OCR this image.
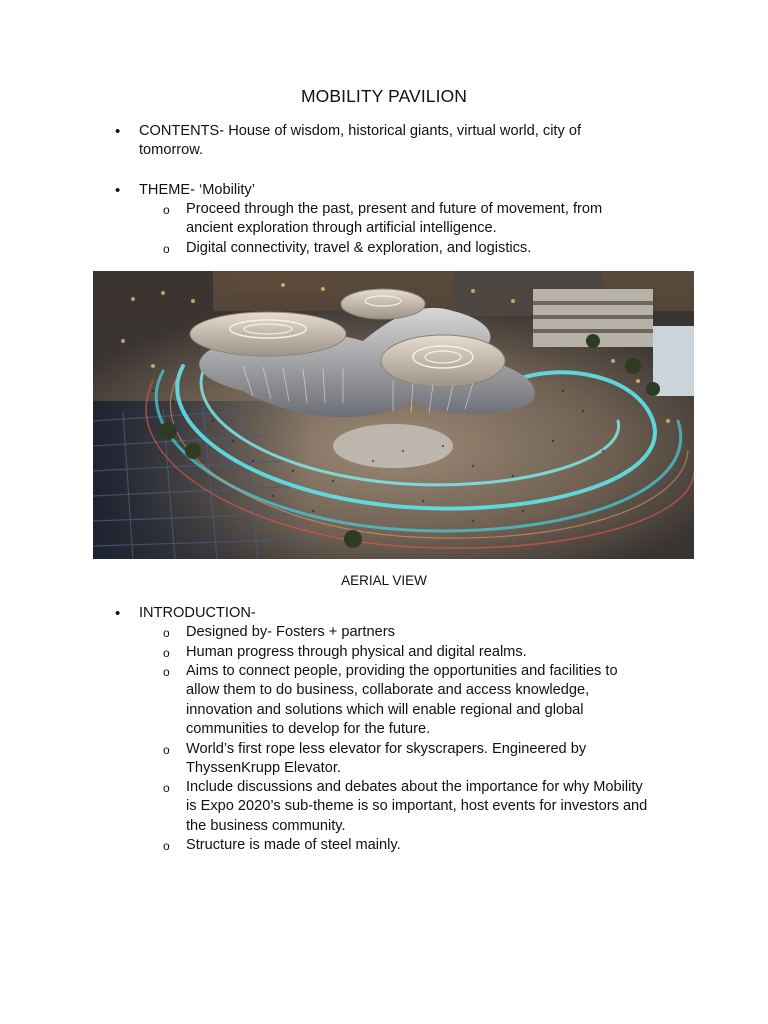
MOBILITY PAVILION
• CONTENTS- House of wisdom, historical giants, virtual world, city of
tomorrow.
• THEME- ‘Mobility’
o Proceed through the past, present and future of movement, from
ancient exploration through artificial intelligence.
o Digital connectivity, travel & exploration, and logistics.
AERIAL VIEW
• INTRODUCTION-
o Designed by- Fosters + partners
o Human progress through physical and digital realms.
o Aims to connect people, providing the opportunities and facilities to
allow them to do business, collaborate and access knowledge,
innovation and solutions which will enable regional and global
communities to develop for the future.
o World’s first rope less elevator for skyscrapers. Engineered by
ThyssenKrupp Elevator.
o Include discussions and debates about the importance for why Mobility
is Expo 2020’s sub-theme is so important, host events for investors and
the business community.
o Structure is made of steel mainly.
